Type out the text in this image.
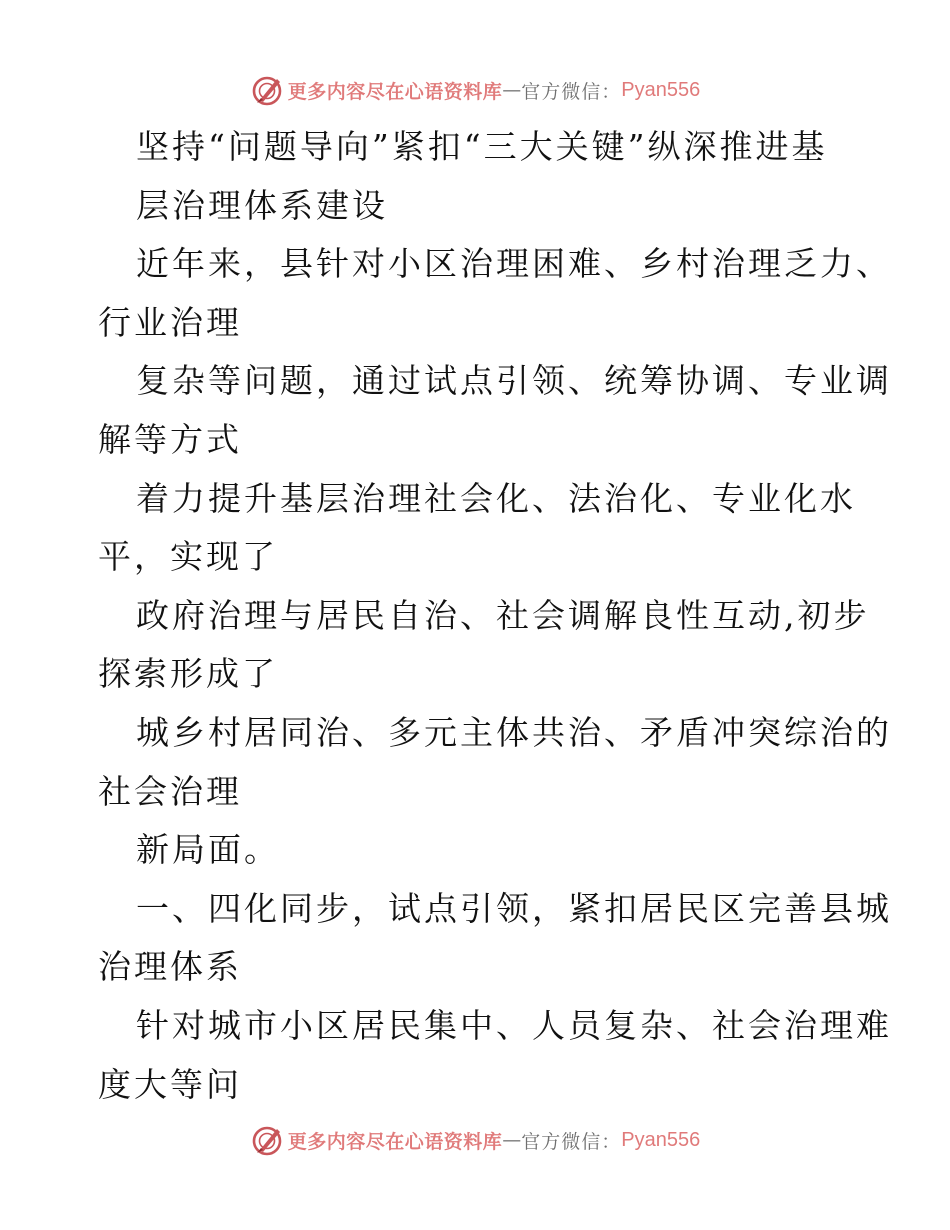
更多内容尽在心语资料库 — 官方微信： Pyan556
坚持“问题导向”紧扣“三大关键”纵深推进基
层治理体系建设
近年来，县针对小区治理困难、乡村治理乏力、
行业治理
复杂等问题，通过试点引领、统筹协调、专业调
解等方式
着力提升基层治理社会化、法治化、专业化水
平，实现了
政府治理与居民自治、社会调解良性互动,初步
探索形成了
城乡村居同治、多元主体共治、矛盾冲突综治的
社会治理
新局面。
一、四化同步，试点引领，紧扣居民区完善县城
治理体系
针对城市小区居民集中、人员复杂、社会治理难
度大等问
更多内容尽在心语资料库 — 官方微信： Pyan556
